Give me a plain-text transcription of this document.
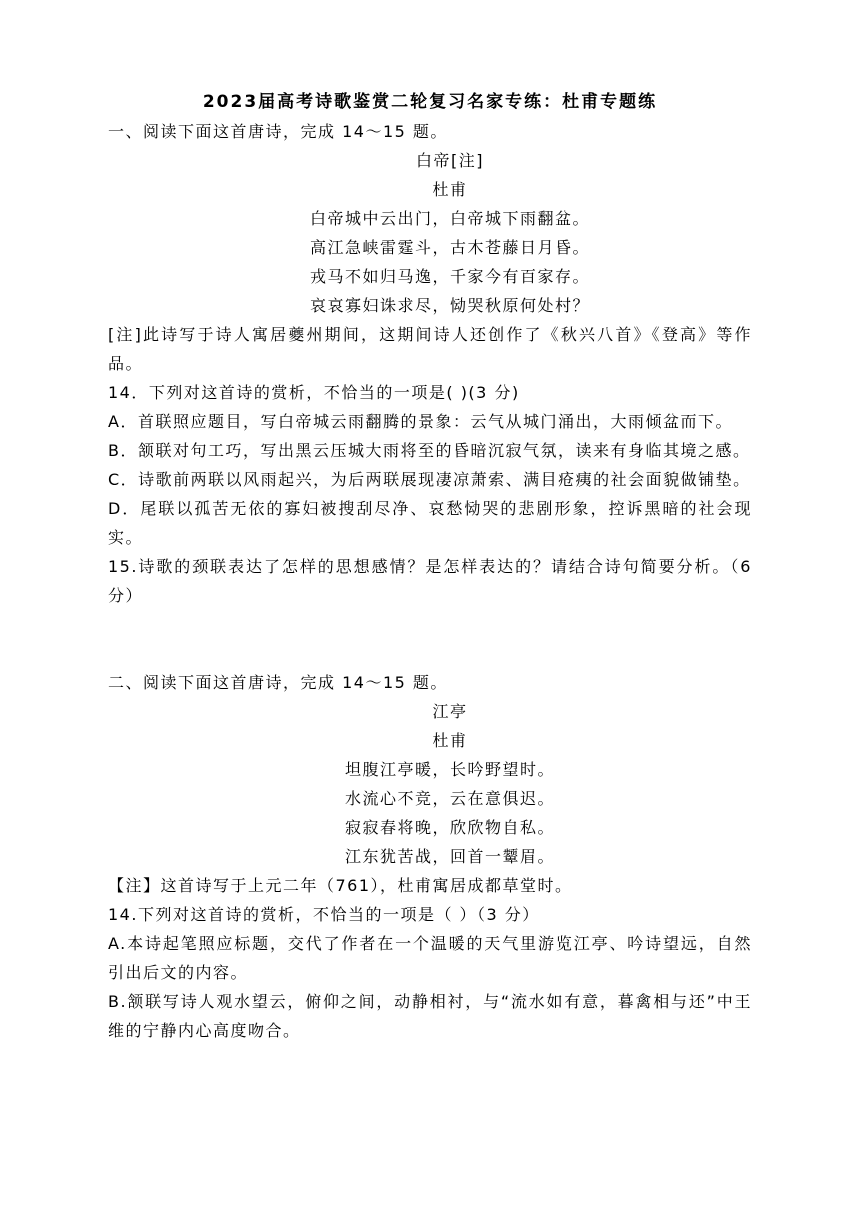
2023届高考诗歌鉴赏二轮复习名家专练：杜甫专题练
一、阅读下面这首唐诗，完成 14～15 题。
白帝[注]
杜甫
白帝城中云出门，白帝城下雨翻盆。
高江急峡雷霆斗，古木苍藤日月昏。
戎马不如归马逸，千家今有百家存。
哀哀寡妇诛求尽，恸哭秋原何处村？
[注]此诗写于诗人寓居夔州期间，这期间诗人还创作了《秋兴八首》《登高》等作品。
14．下列对这首诗的赏析，不恰当的一项是( )(3 分)
A．首联照应题目，写白帝城云雨翻腾的景象：云气从城门涌出，大雨倾盆而下。
B．颔联对句工巧，写出黑云压城大雨将至的昏暗沉寂气氛，读来有身临其境之感。
C．诗歌前两联以风雨起兴，为后两联展现凄凉萧索、满目疮痍的社会面貌做铺垫。
D．尾联以孤苦无依的寡妇被搜刮尽净、哀愁恸哭的悲剧形象，控诉黑暗的社会现实。
15.诗歌的颈联表达了怎样的思想感情？是怎样表达的？请结合诗句简要分析。（6 分）
二、阅读下面这首唐诗，完成 14～15 题。
江亭
杜甫
坦腹江亭暖，长吟野望时。
水流心不竞，云在意俱迟。
寂寂春将晚，欣欣物自私。
江东犹苦战，回首一颦眉。
【注】这首诗写于上元二年（761），杜甫寓居成都草堂时。
14.下列对这首诗的赏析，不恰当的一项是（ ）（3 分）
A.本诗起笔照应标题，交代了作者在一个温暖的天气里游览江亭、吟诗望远，自然引出后文的内容。
B.颔联写诗人观水望云，俯仰之间，动静相衬，与“流水如有意，暮禽相与还”中王维的宁静内心高度吻合。
